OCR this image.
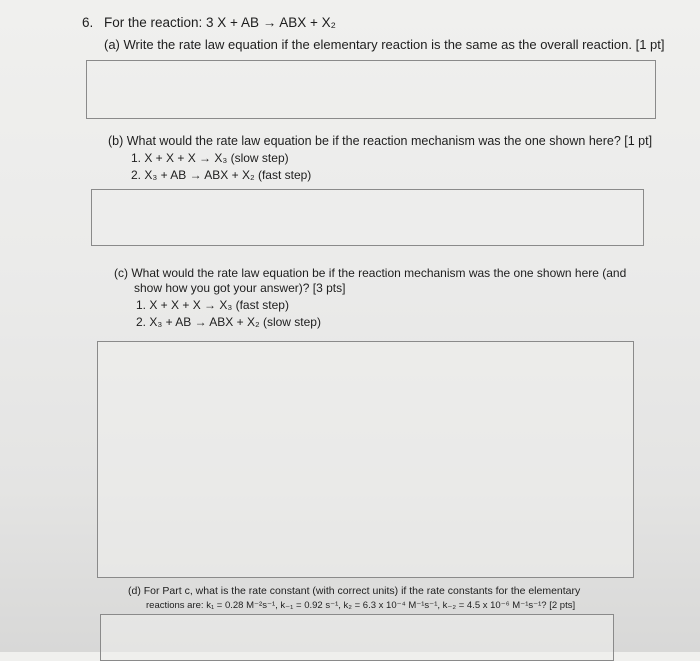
6. For the reaction: 3 X + AB → ABX + X₂
(a) Write the rate law equation if the elementary reaction is the same as the overall reaction. [1 pt]
(b) What would the rate law equation be if the reaction mechanism was the one shown here? [1 pt]
1. X + X + X → X₃ (slow step)
2. X₃ + AB → ABX + X₂ (fast step)
(c) What would the rate law equation be if the reaction mechanism was the one shown here (and
show how you got your answer)? [3 pts]
1. X + X + X → X₃ (fast step)
2. X₃ + AB → ABX + X₂ (slow step)
(d) For Part c, what is the rate constant (with correct units) if the rate constants for the elementary
reactions are: k₁ = 0.28 M⁻²s⁻¹, k₋₁ = 0.92 s⁻¹, k₂ = 6.3 x 10⁻⁴ M⁻¹s⁻¹, k₋₂ = 4.5 x 10⁻⁶ M⁻¹s⁻¹? [2 pts]
